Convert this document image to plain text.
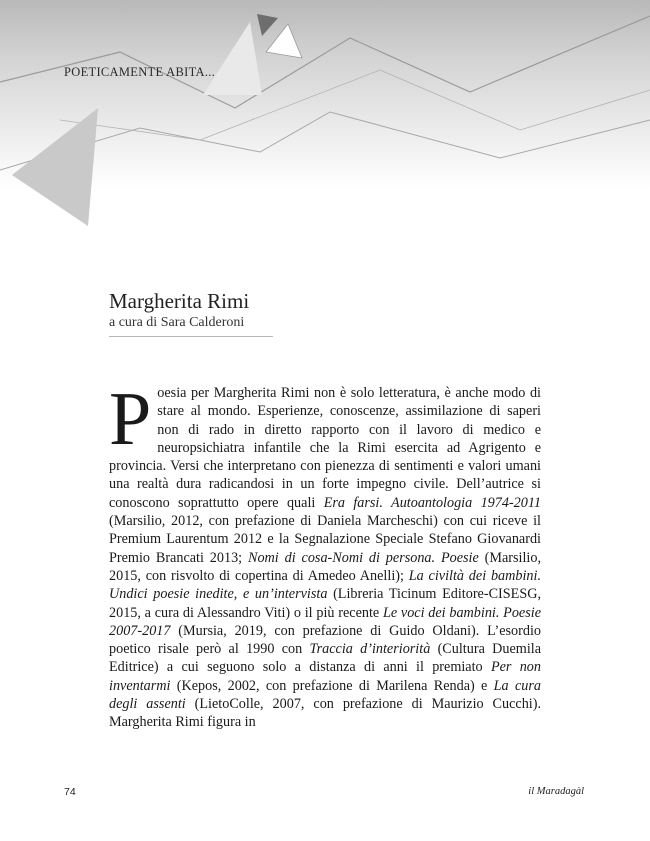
POETICAMENTE ABITA...
Margherita Rimi
a cura di Sara Calderoni

Poesia per Margherita Rimi non è solo letteratura, è anche modo di stare al mondo. Esperienze, conoscenze, assimilazione di saperi non di rado in diretto rapporto con il lavoro di medico e neuropsichiatra infantile che la Rimi esercita ad Agrigento e provincia. Versi che interpretano con pienezza di sentimenti e valori umani una realtà dura radicandosi in un forte impegno civile. Dell’autrice si conoscono soprattutto opere quali Era farsi. Autoantologia 1974-2011 (Marsilio, 2012, con prefazione di Daniela Marcheschi) con cui riceve il Premium Laurentum 2012 e la Segnalazione Speciale Stefano Giovanardi Premio Brancati 2013; Nomi di cosa-Nomi di persona. Poesie (Marsilio, 2015, con risvolto di copertina di Amedeo Anelli); La civiltà dei bambini. Undici poesie inedite, e un’intervista (Libreria Ticinum Editore-CISESG, 2015, a cura di Alessandro Viti) o il più recente Le voci dei bambini. Poesie 2007-2017 (Mursia, 2019, con prefazione di Guido Oldani). L’esordio poetico risale però al 1990 con Traccia d’interiorità (Cultura Duemila Editrice) a cui seguono solo a distanza di anni il premiato Per non inventarmi (Kepos, 2002, con prefazione di Marilena Renda) e La cura degli assenti (LietoColle, 2007, con prefazione di Maurizio Cucchi). Margherita Rimi figura in

74	il Maradagàl
